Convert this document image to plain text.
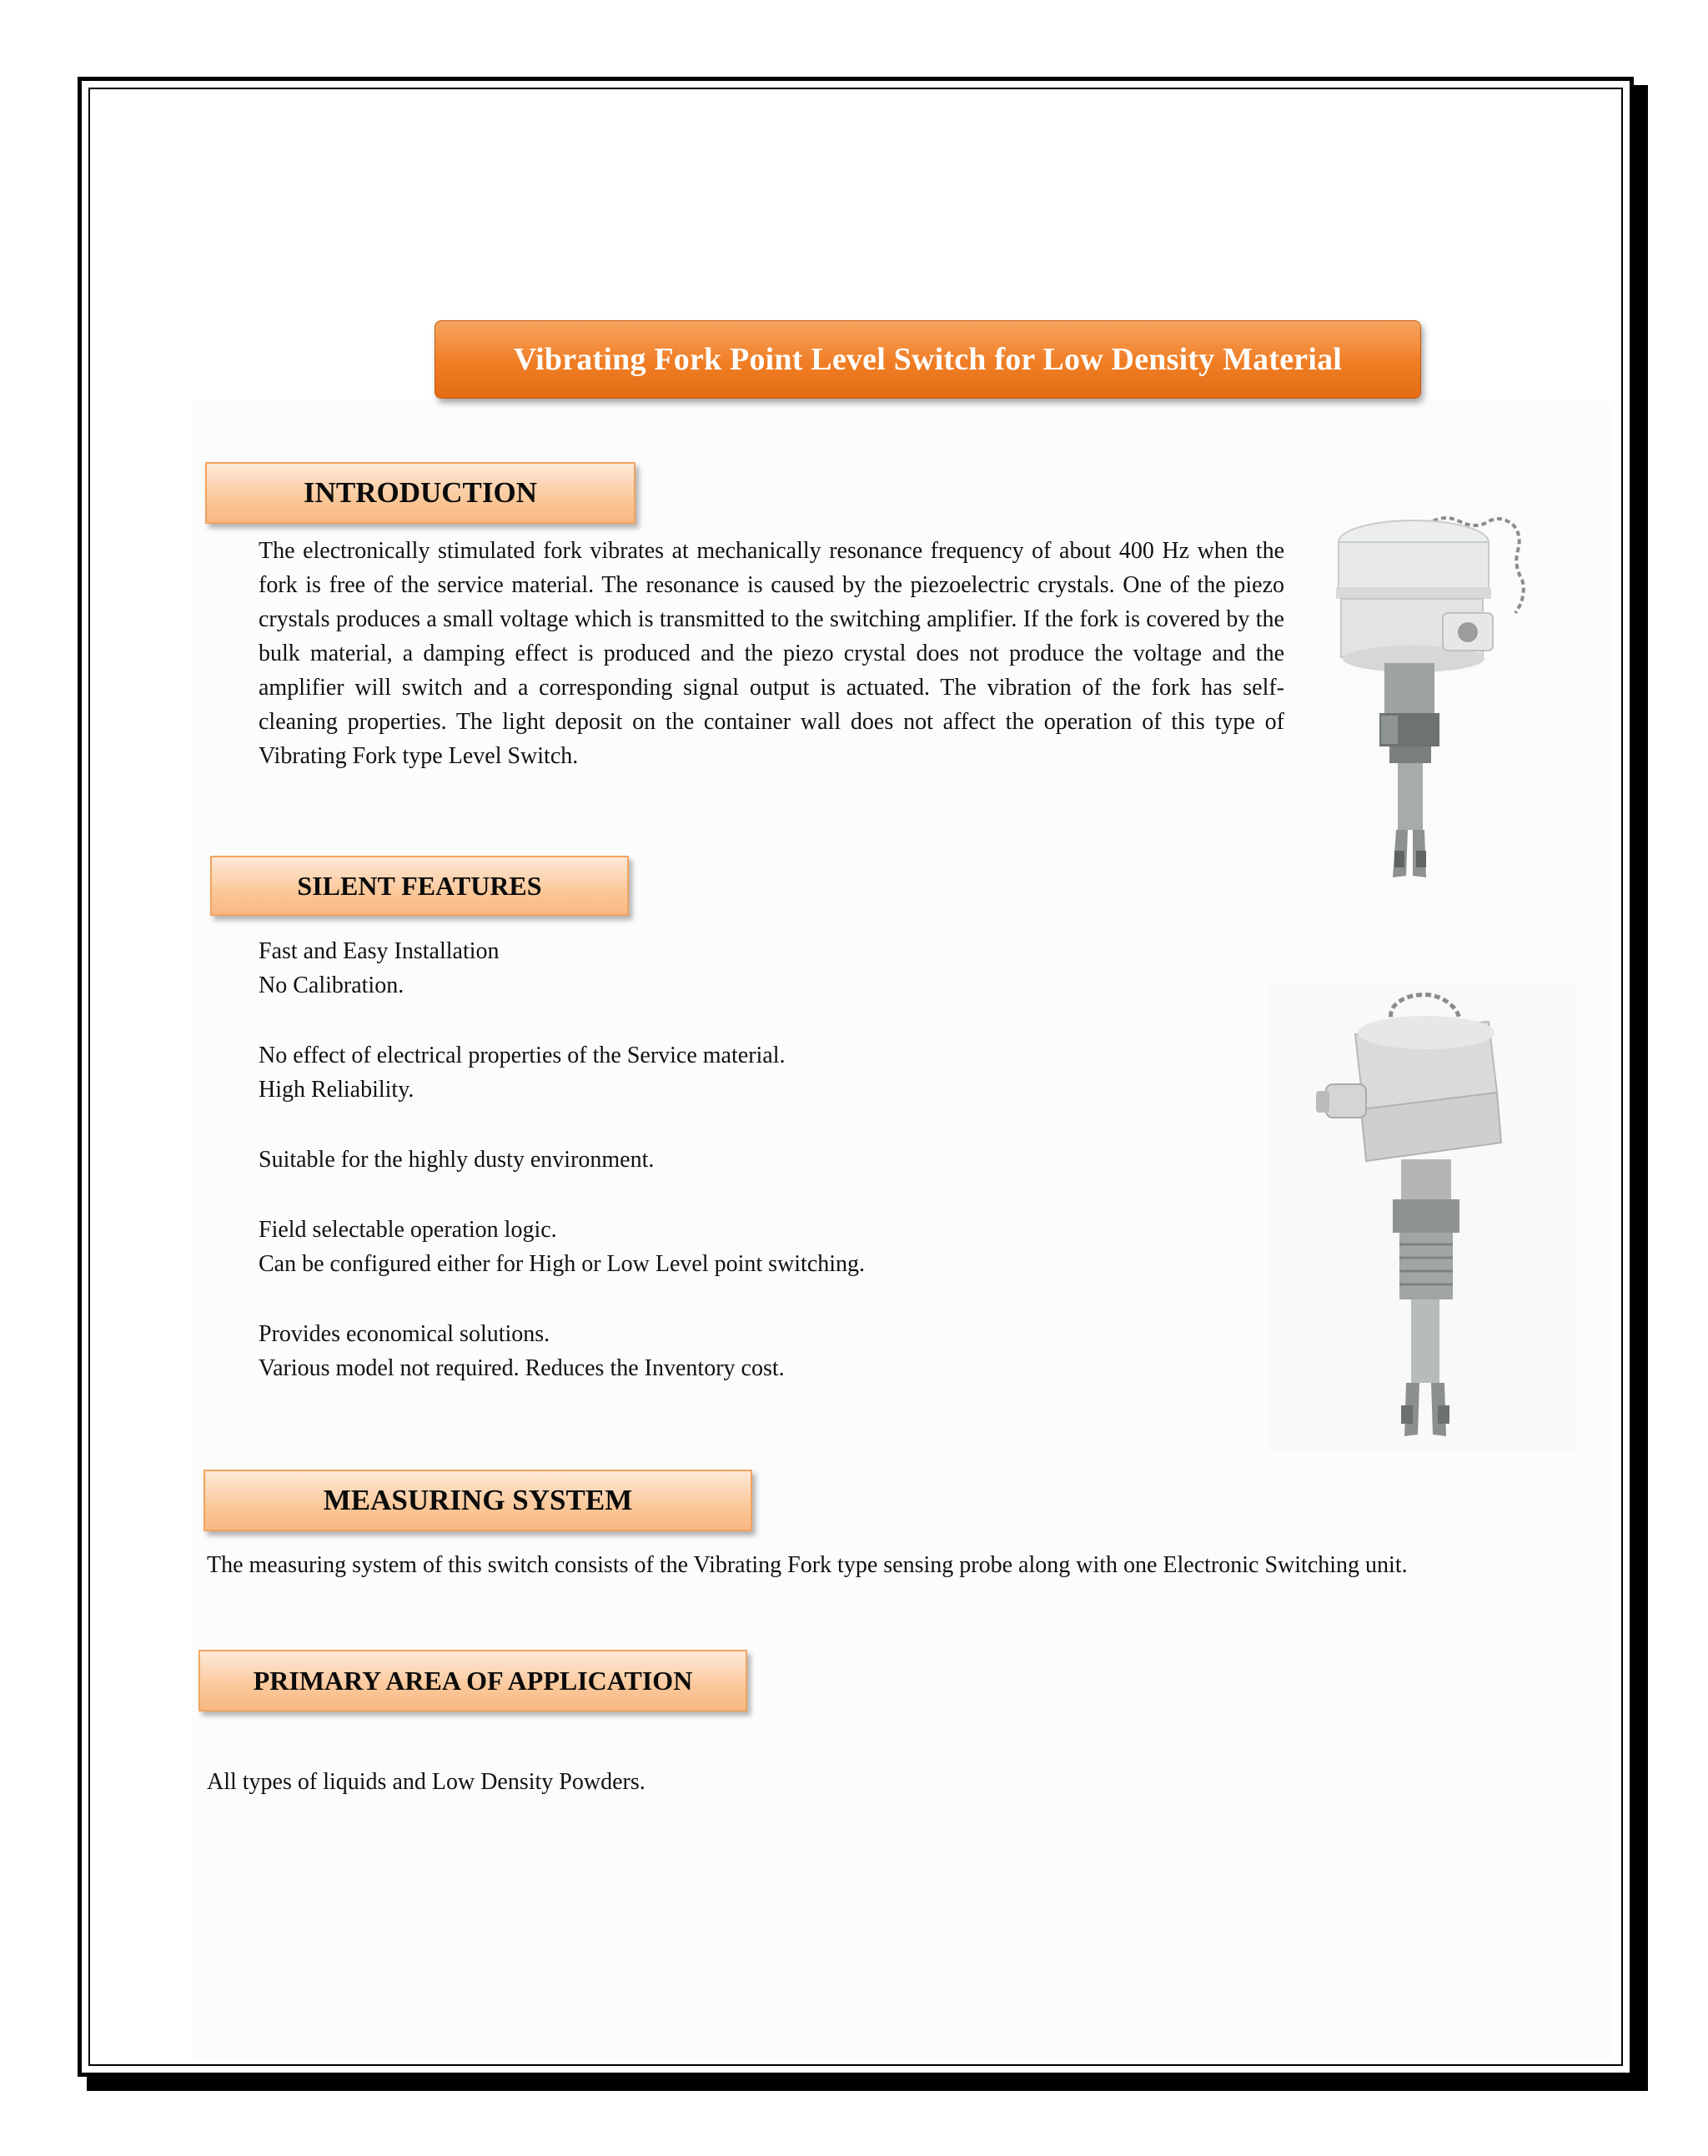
Vibrating Fork Point Level Switch for Low Density Material
INTRODUCTION
The electronically stimulated fork vibrates at mechanically resonance frequency of about 400 Hz when the fork is free of the service material. The resonance is caused by the piezoelectric crystals. One of the piezo crystals produces a small voltage which is transmitted to the switching amplifier. If the fork is covered by the bulk material, a damping effect is produced and the piezo crystal does not produce the voltage and the amplifier will switch and a corresponding signal output is actuated. The vibration of the fork has self-cleaning properties. The light deposit on the container wall does not affect the operation of this type of Vibrating Fork type Level Switch.
SILENT FEATURES
Fast and Easy Installation
No Calibration.
No effect of electrical properties of the Service material.
High Reliability.
Suitable for the highly dusty environment.
Field selectable operation logic.
Can be configured either for High or Low Level point switching.
Provides economical solutions.
Various model not required. Reduces the Inventory cost.
MEASURING SYSTEM
The measuring system of this switch consists of the Vibrating Fork type sensing probe along with one Electronic Switching unit.
PRIMARY AREA OF APPLICATION
All types of liquids and Low Density Powders.
